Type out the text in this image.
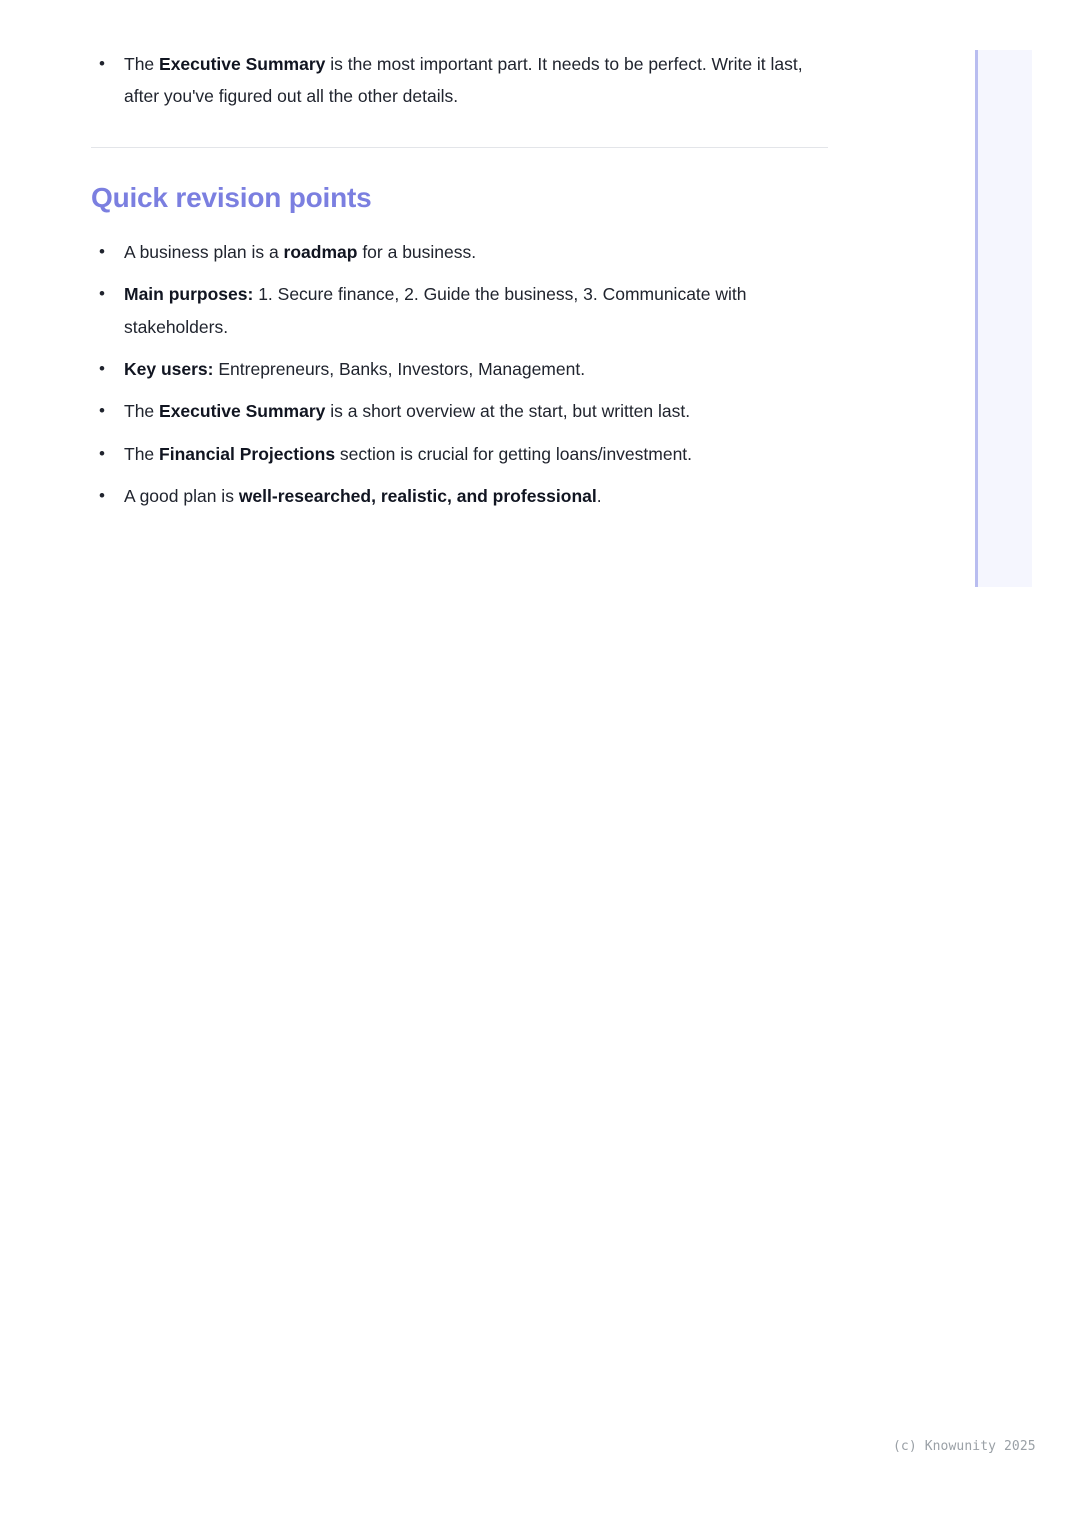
• The Executive Summary is the most important part. It needs to be perfect. Write it last, after you've figured out all the other details.
Quick revision points
• A business plan is a roadmap for a business.
• Main purposes: 1. Secure finance, 2. Guide the business, 3. Communicate with stakeholders.
• Key users: Entrepreneurs, Banks, Investors, Management.
• The Executive Summary is a short overview at the start, but written last.
• The Financial Projections section is crucial for getting loans/investment.
• A good plan is well-researched, realistic, and professional.
(c) Knowunity 2025
